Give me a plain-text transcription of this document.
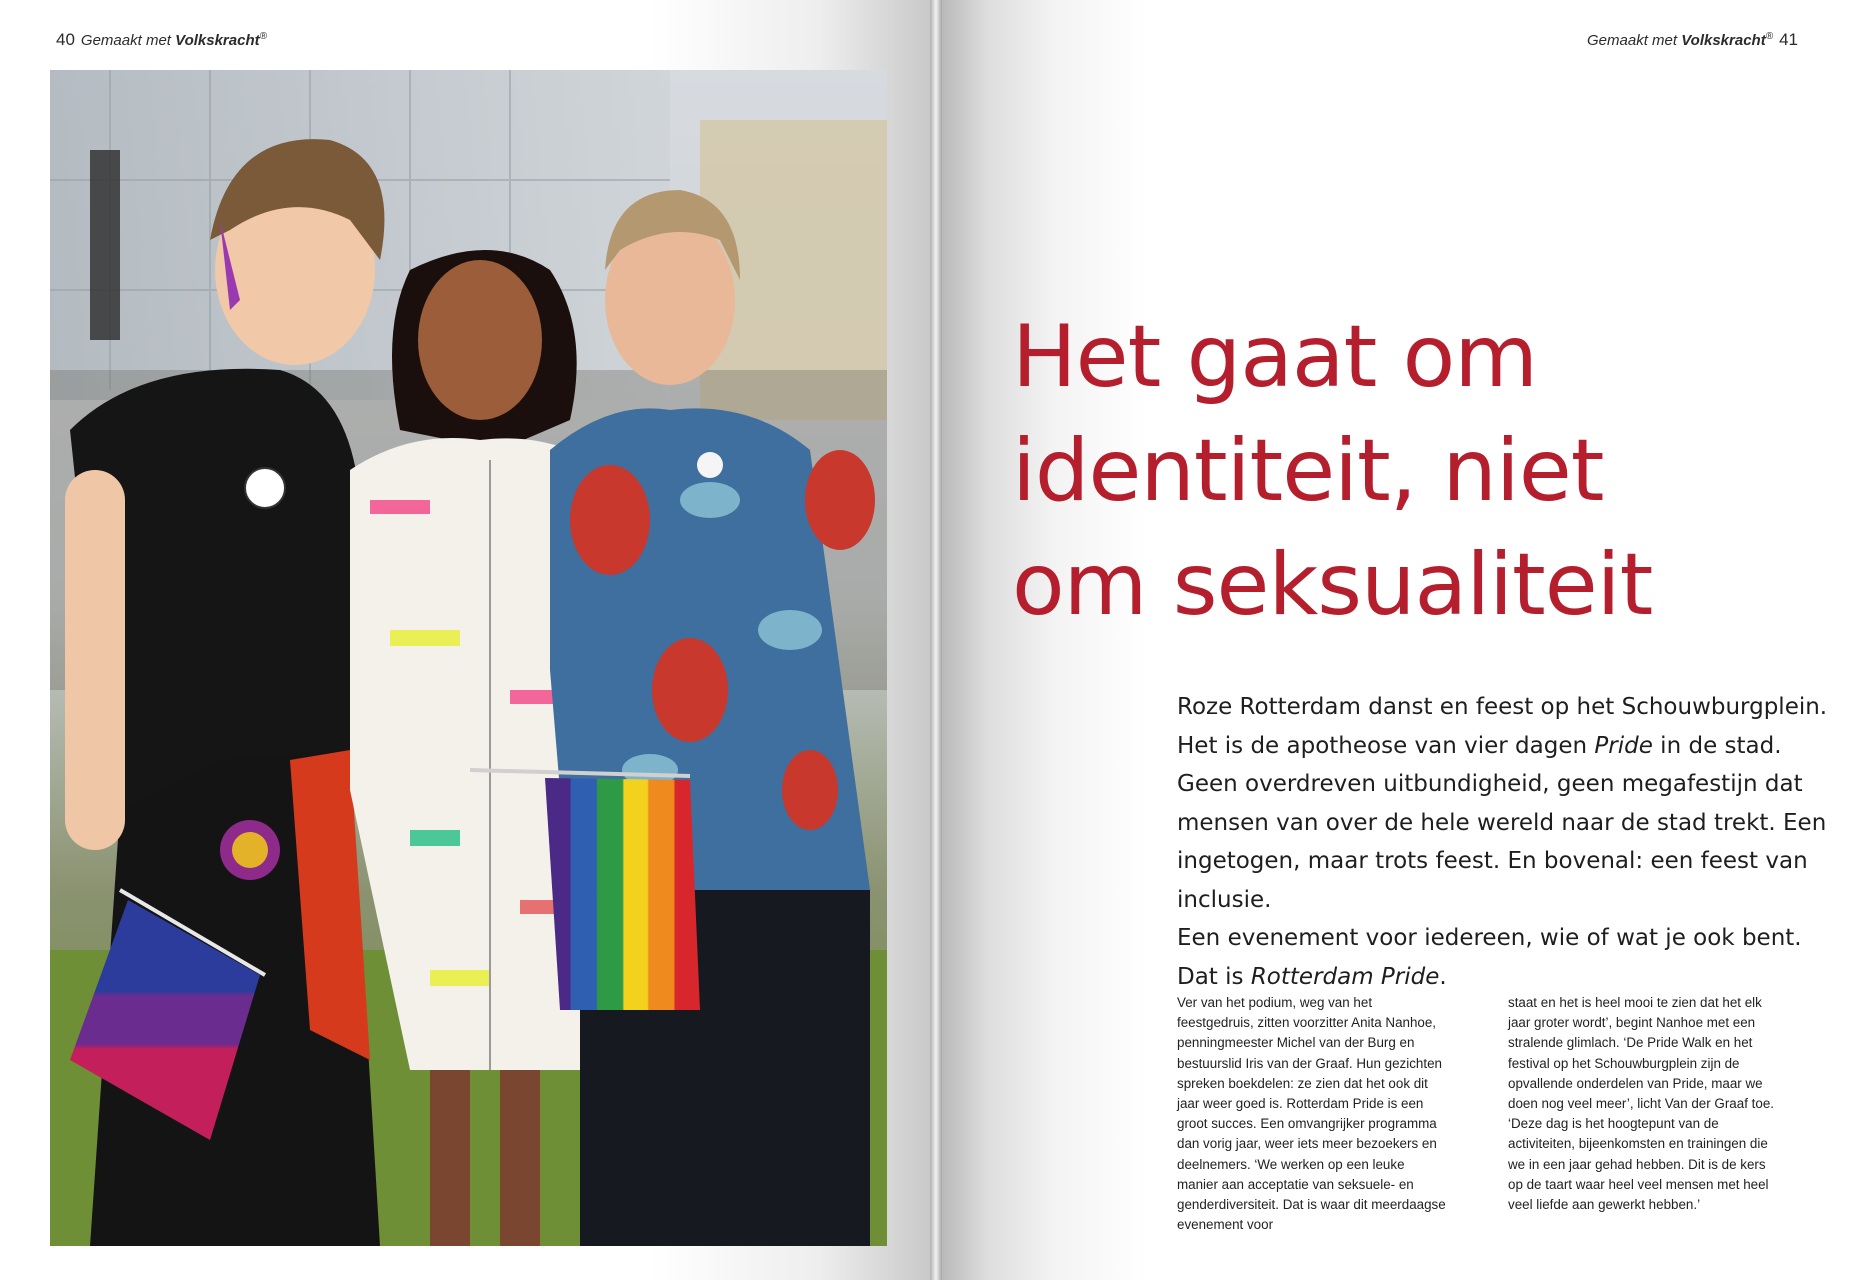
40 Gemaakt met Volkskracht®	Gemaakt met Volkskracht® 41
Het gaat om
identiteit, niet
om seksualiteit

Roze Rotterdam danst en feest op het Schouwburgplein. Het is de apotheose van vier dagen Pride in de stad. Geen overdreven uitbundigheid, geen megafestijn dat mensen van over de hele wereld naar de stad trekt. Een ingetogen, maar trots feest. En bovenal: een feest van inclusie.

Een evenement voor iedereen, wie of wat je ook bent.

Dat is Rotterdam Pride.

Ver van het podium, weg van het feestgedruis, zitten voorzitter Anita Nanhoe, penningmeester Michel van der Burg en bestuurslid Iris van der Graaf. Hun gezichten spreken boekdelen: ze zien dat het ook dit jaar weer goed is. Rotterdam Pride is een groot succes. Een omvangrijker programma dan vorig jaar, weer iets meer bezoekers en deelnemers. ‘We werken op een leuke manier aan acceptatie van seksuele- en genderdiversiteit. Dat is waar dit meerdaagse evenement voor

staat en het is heel mooi te zien dat het elk jaar groter wordt’, begint Nanhoe met een stralende glimlach. ‘De Pride Walk en het festival op het Schouwburgplein zijn de opvallende onderdelen van Pride, maar we doen nog veel meer’, licht Van der Graaf toe. ‘Deze dag is het hoogtepunt van de activiteiten, bijeenkomsten en trainingen die we in een jaar gehad hebben. Dit is de kers op de taart waar heel veel mensen met heel veel liefde aan gewerkt hebben.’
